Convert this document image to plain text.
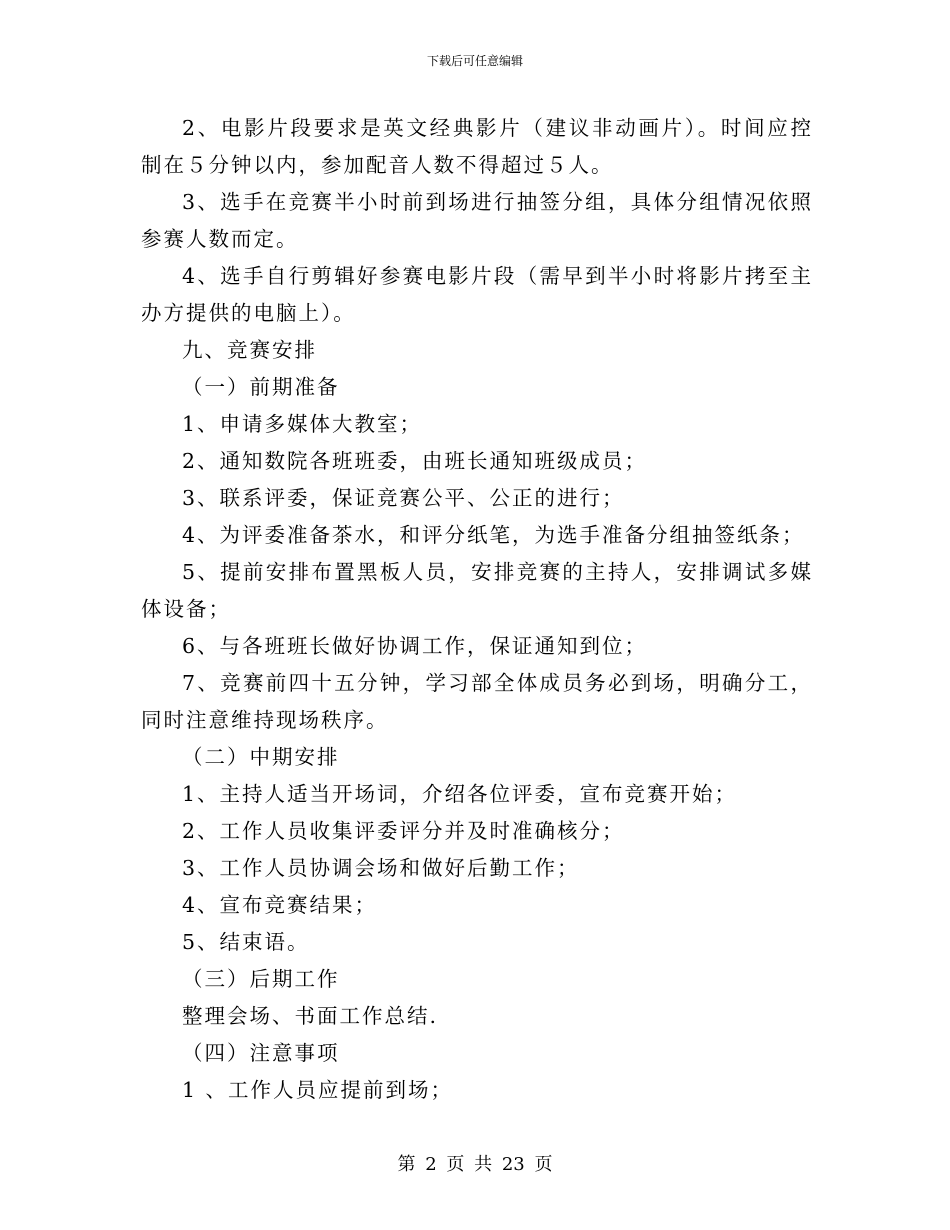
下载后可任意编辑

2、电影片段要求是英文经典影片（建议非动画片）。时间应控制在５分钟以内，参加配音人数不得超过５人。

3、选手在竞赛半小时前到场进行抽签分组，具体分组情况依照参赛人数而定。

4、选手自行剪辑好参赛电影片段（需早到半小时将影片拷至主办方提供的电脑上）。

九、竞赛安排

（一）前期准备

1、申请多媒体大教室；

2、通知数院各班班委，由班长通知班级成员；

3、联系评委，保证竞赛公平、公正的进行；

4、为评委准备茶水，和评分纸笔，为选手准备分组抽签纸条；

5、提前安排布置黑板人员，安排竞赛的主持人，安排调试多媒体设备；

6、与各班班长做好协调工作，保证通知到位；

7、竞赛前四十五分钟，学习部全体成员务必到场，明确分工，同时注意维持现场秩序。

（二）中期安排

1、主持人适当开场词，介绍各位评委，宣布竞赛开始；

2、工作人员收集评委评分并及时准确核分；

3、工作人员协调会场和做好后勤工作；

4、宣布竞赛结果；

5、结束语。

（三）后期工作

整理会场、书面工作总结.

（四）注意事项

1 、工作人员应提前到场；

第 2 页 共 23 页
